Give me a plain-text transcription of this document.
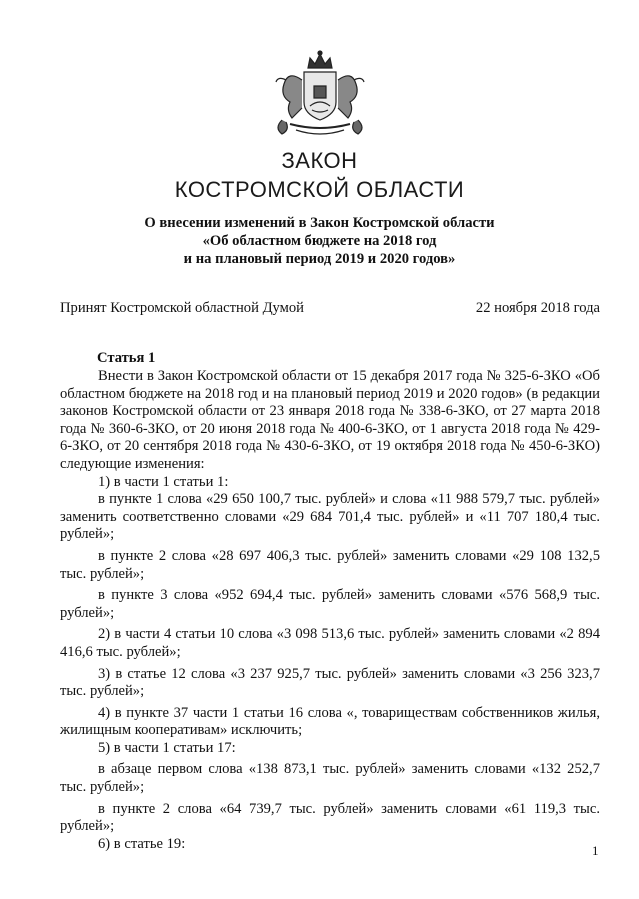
ЗАКОН
КОСТРОМСКОЙ ОБЛАСТИ
О внесении изменений в Закон Костромской области
«Об областном бюджете на 2018 год
и на плановый период 2019 и 2020 годов»
Принят Костромской областной Думой	22 ноября 2018 года
Статья 1

Внести в Закон Костромской области от 15 декабря 2017 года № 325-6-ЗКО «Об областном бюджете на 2018 год и на плановый период 2019 и 2020 годов» (в редакции законов Костромской области от 23 января 2018 года № 338-6-ЗКО, от 27 марта 2018 года № 360-6-ЗКО, от 20 июня 2018 года № 400-6-ЗКО, от 1 августа 2018 года № 429-6-ЗКО, от 20 сентября 2018 года № 430-6-ЗКО, от 19 октября 2018 года № 450-6-ЗКО) следующие изменения:

1) в части 1 статьи 1:

в пункте 1 слова «29 650 100,7 тыс. рублей» и слова «11 988 579,7 тыс. рублей» заменить соответственно словами «29 684 701,4 тыс. рублей» и «11 707 180,4 тыс. рублей»;

в пункте 2 слова «28 697 406,3 тыс. рублей» заменить словами «29 108 132,5 тыс. рублей»;

в пункте 3 слова «952 694,4 тыс. рублей» заменить словами «576 568,9 тыс. рублей»;

2) в части 4 статьи 10 слова «3 098 513,6 тыс. рублей» заменить словами «2 894 416,6 тыс. рублей»;

3) в статье 12 слова «3 237 925,7 тыс. рублей» заменить словами «3 256 323,7 тыс. рублей»;

4) в пункте 37 части 1 статьи 16 слова «, товариществам собственников жилья, жилищным кооперативам» исключить;

5) в части 1 статьи 17:

в абзаце первом слова «138 873,1 тыс. рублей» заменить словами «132 252,7 тыс. рублей»;

в пункте 2 слова «64 739,7 тыс. рублей» заменить словами «61 119,3 тыс. рублей»;

6) в статье 19:	1
